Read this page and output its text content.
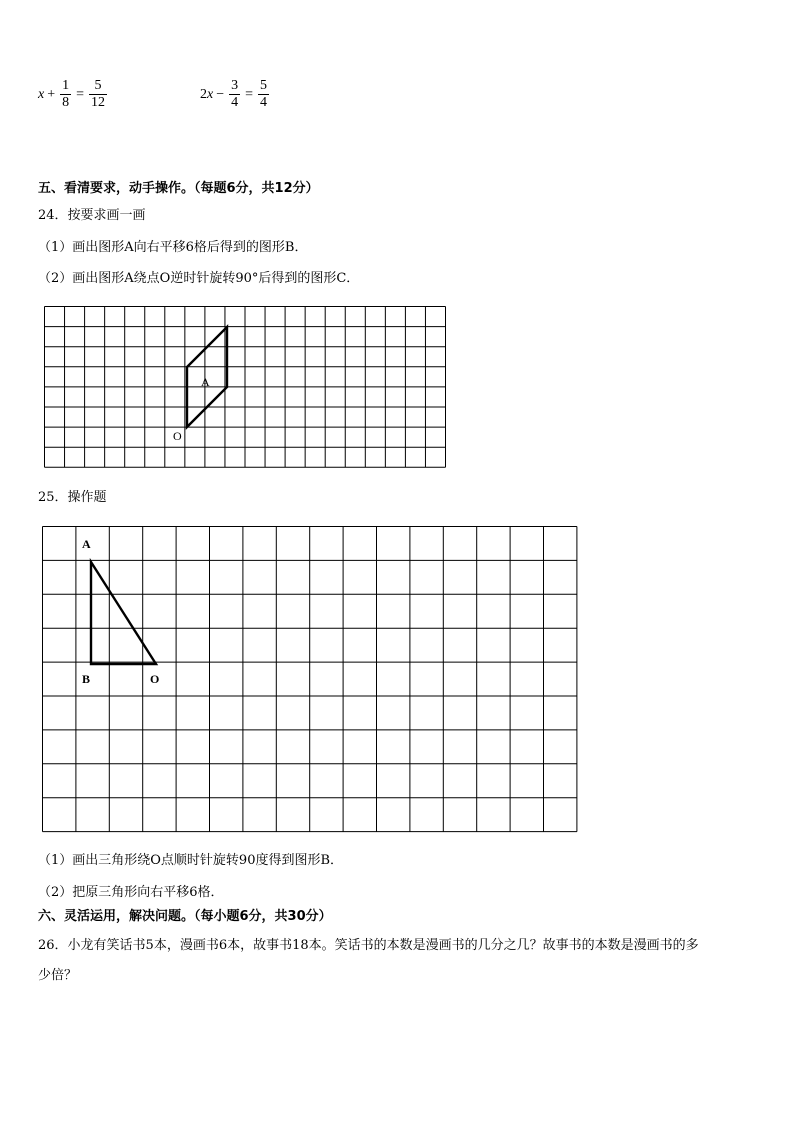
$x + \frac{1}{8} = \frac{5}{12}$	2 $x - \frac{3}{4} = \frac{5}{4}$
五、看清要求，动手操作。（每题6分，共12分）
24．按要求画一画
（1）画出图形A向右平移6格后得到的图形B．
（2）画出图形A绕点O逆时针旋转90°后得到的图形C．
A
O
25．操作题
A
B	O
（1）画出三角形绕O点顺时针旋转90度得到图形B．
（2）把原三角形向右平移6格．
六、灵活运用，解决问题。（每小题6分，共30分）
26．小龙有笑话书5本，漫画书6本，故事书18本。笑话书的本数是漫画书的几分之几？故事书的本数是漫画书的多
少倍？
